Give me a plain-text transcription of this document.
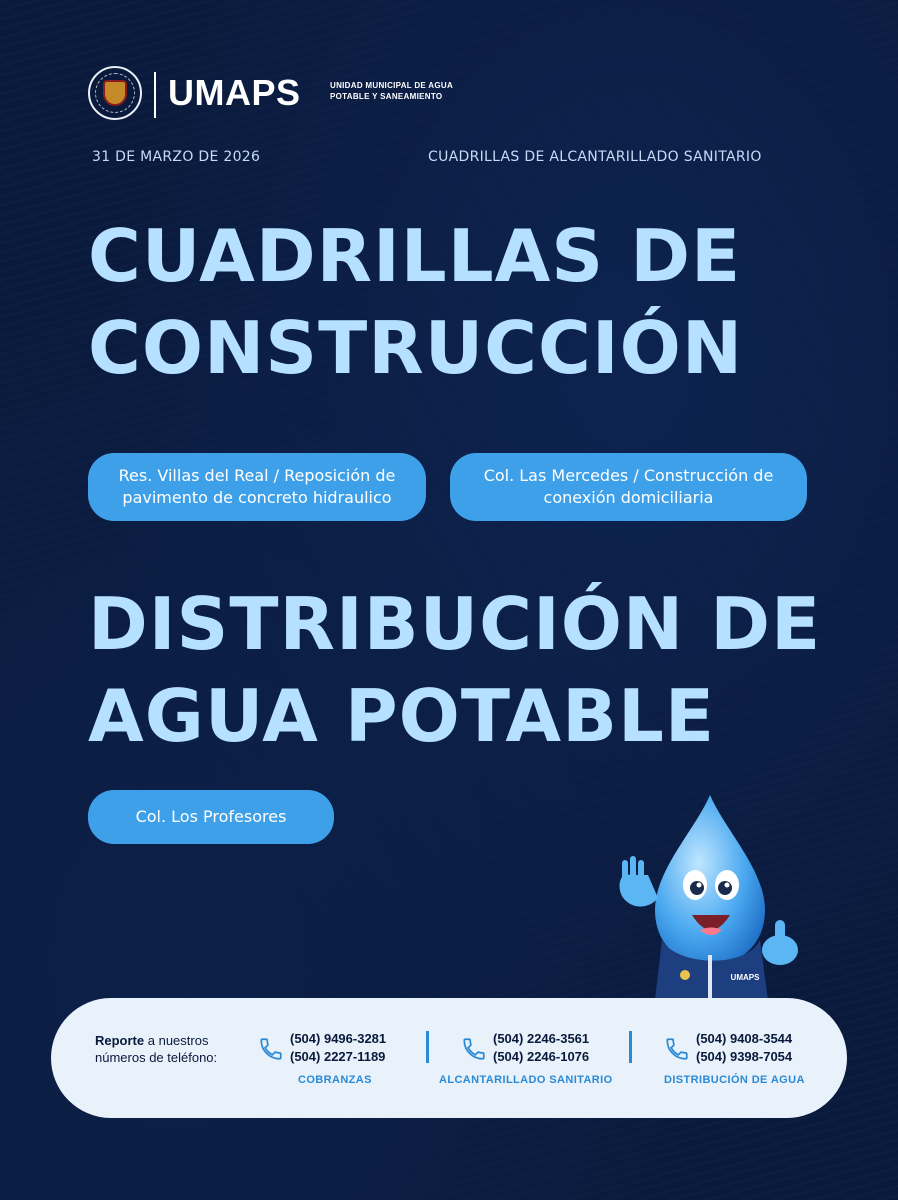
UMAPS	UNIDAD MUNICIPAL DE AGUA POTABLE Y SANEAMIENTO
31 DE MARZO DE 2026	CUADRILLAS DE ALCANTARILLADO SANITARIO
CUADRILLAS DE
CONSTRUCCIÓN
Res. Villas del Real / Reposición de pavimento de concreto hidraulico
Col. Las Mercedes / Construcción de conexión domiciliaria
DISTRIBUCIÓN DE
AGUA POTABLE
Col. Los Profesores
UMAPS
Reporte a nuestros números de teléfono:
(504) 9496-3281
(504) 2227-1189
COBRANZAS
(504) 2246-3561
(504) 2246-1076
ALCANTARILLADO SANITARIO
(504) 9408-3544
(504) 9398-7054
DISTRIBUCIÓN DE AGUA
